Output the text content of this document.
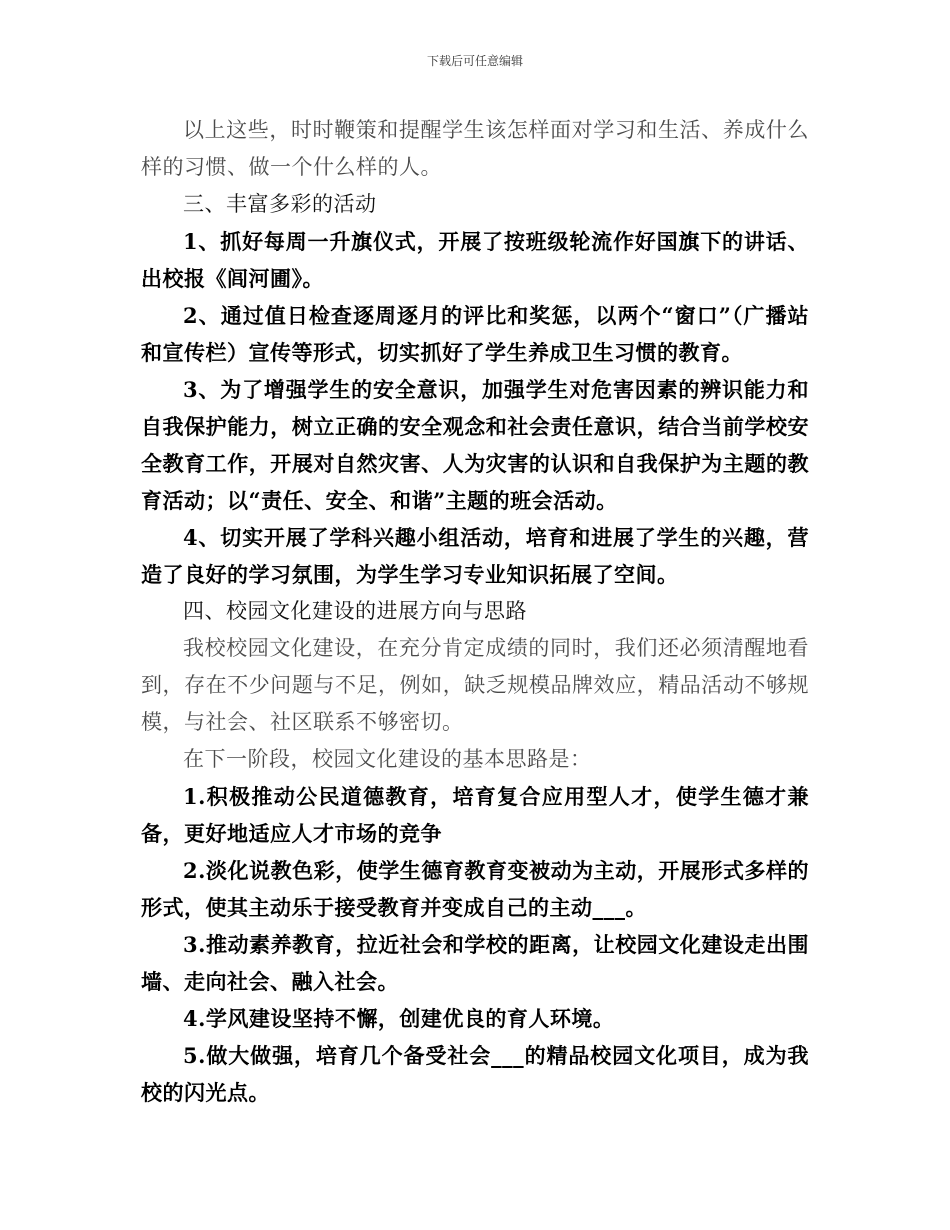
下载后可任意编辑

以上这些，时时鞭策和提醒学生该怎样面对学习和生活、养成什么样的习惯、做一个什么样的人。

三、丰富多彩的活动

1、抓好每周一升旗仪式，开展了按班级轮流作好国旗下的讲话、出校报《闾河圃》。

2、通过值日检查逐周逐月的评比和奖惩，以两个“窗口”（广播站和宣传栏）宣传等形式，切实抓好了学生养成卫生习惯的教育。

3、为了增强学生的安全意识，加强学生对危害因素的辨识能力和自我保护能力，树立正确的安全观念和社会责任意识，结合当前学校安全教育工作，开展对自然灾害、人为灾害的认识和自我保护为主题的教育活动；以“责任、安全、和谐”主题的班会活动。

4、切实开展了学科兴趣小组活动，培育和进展了学生的兴趣，营造了良好的学习氛围，为学生学习专业知识拓展了空间。

四、校园文化建设的进展方向与思路

我校校园文化建设，在充分肯定成绩的同时，我们还必须清醒地看到，存在不少问题与不足，例如，缺乏规模品牌效应，精品活动不够规模，与社会、社区联系不够密切。

在下一阶段，校园文化建设的基本思路是：

1.积极推动公民道德教育，培育复合应用型人才，使学生德才兼备，更好地适应人才市场的竞争

2.淡化说教色彩，使学生德育教育变被动为主动，开展形式多样的形式，使其主动乐于接受教育并变成自己的主动___。

3.推动素养教育，拉近社会和学校的距离，让校园文化建设走出围墙、走向社会、融入社会。

4.学风建设坚持不懈，创建优良的育人环境。

5.做大做强，培育几个备受社会___的精品校园文化项目，成为我校的闪光点。
